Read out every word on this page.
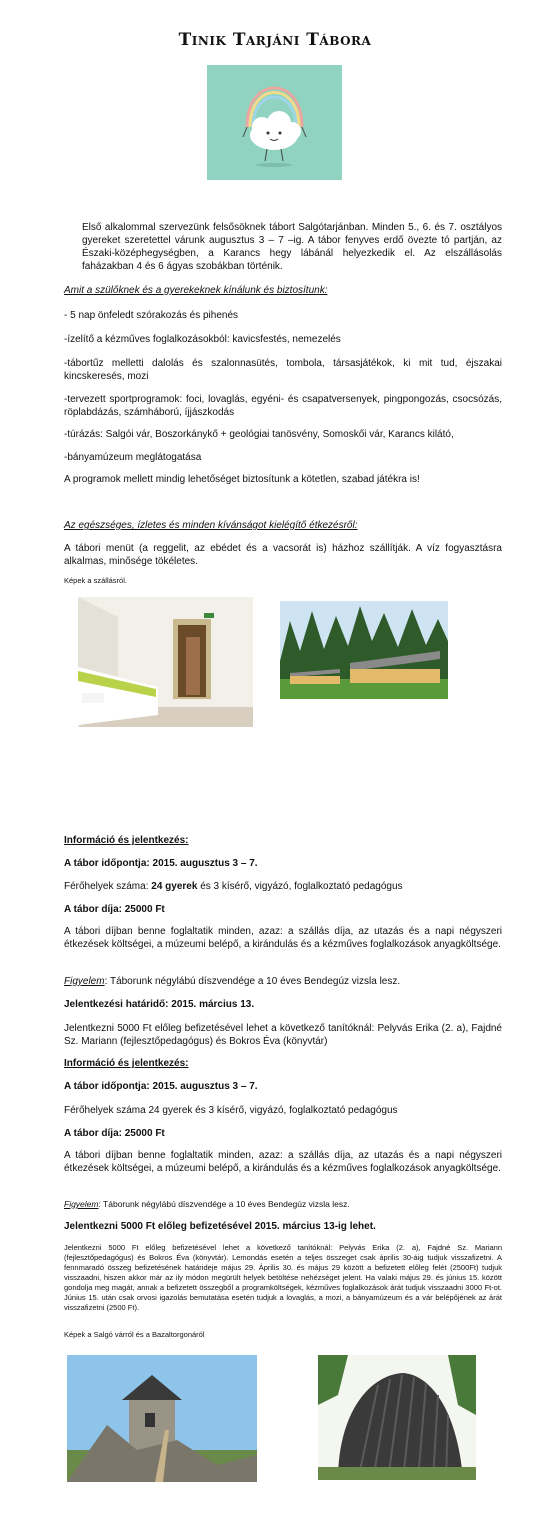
Tinik Tarjáni Tábora
Első alkalommal szervezünk felsősöknek tábort Salgótarjánban. Minden 5., 6. és 7. osztályos gyereket szeretettel várunk augusztus 3 – 7 –ig. A tábor fenyves erdő övezte tó partján, az Északi-középhegységben, a Karancs hegy lábánál helyezkedik el. Az elszállásolás faházakban 4 és 6 ágyas szobákban történik.
Amit a szülőknek és a gyerekeknek kínálunk és biztosítunk:
- 5 nap önfeledt szórakozás és pihenés
-ízelítő a kézműves foglalkozásokból: kavicsfestés, nemezelés
-tábortűz melletti dalolás és szalonnasütés, tombola, társasjátékok, ki mit tud, éjszakai kincskeresés, mozi
-tervezett sportprogramok: foci, lovaglás, egyéni- és csapatversenyek, pingpongozás, csocsózás, röplabdázás, számháború, íjjászkodás
-túrázás: Salgói vár, Boszorkánykő + geológiai tanösvény, Somoskői vár, Karancs kilátó,
-bányamúzeum meglátogatása
A programok mellett mindig lehetőséget biztosítunk a kötetlen, szabad játékra is!
Az egészséges, ízletes és minden kívánságot kielégítő étkezésről:
A tábori menüt (a reggelit, az ebédet és a vacsorát is) házhoz szállítják. A víz fogyasztásra alkalmas, minősége tökéletes.
Képek a szállásról.
Információ és jelentkezés:
A tábor időpontja: 2015. augusztus 3 – 7.
Férőhelyek száma: 24 gyerek és 3 kísérő, vigyázó, foglalkoztató pedagógus
A tábor díja: 25000 Ft
A tábori díjban benne foglaltatik minden, azaz: a szállás díja, az utazás és a napi négyszeri étkezések költségei, a múzeumi belépő, a kirándulás és a kézműves foglalkozások anyagköltsége.
Figyelem: Táborunk négylábú díszvendége a 10 éves Bendegúz vizsla lesz.
Jelentkezési határidő: 2015. március 13.
Jelentkezni 5000 Ft előleg befizetésével lehet a következő tanítóknál: Pelyvás Erika (2. a), Fajdné Sz. Mariann (fejlesztőpedagógus) és Bokros Éva (könyvtár)
Információ és jelentkezés:
A tábor időpontja: 2015. augusztus 3 – 7.
Férőhelyek száma 24 gyerek és 3 kísérő, vigyázó, foglalkoztató pedagógus
A tábor díja: 25000 Ft
A tábori díjban benne foglaltatik minden, azaz: a szállás díja, az utazás és a napi négyszeri étkezések költségei, a múzeumi belépő, a kirándulás és a kézműves foglalkozások anyagköltsége.
Figyelem: Táborunk négylábú díszvendége a 10 éves Bendegúz vizsla lesz.
Jelentkezni 5000 Ft előleg befizetésével 2015. március 13-ig lehet.
Jelentkezni 5000 Ft előleg befizetésével lehet a következő tanítóknál: Pelyvás Erika (2. a), Fajdné Sz. Mariann (fejlesztőpedagógus) és Bokros Éva (könyvtár). Lemondás esetén a teljes összeget csak április 30-áig tudjuk visszafizetni. A fennmaradó összeg befizetésének határideje május 29. Április 30. és május 29 között a befizetett előleg felét (2500Ft) tudjuk visszaadni, hiszen akkor már az ily módon megürült helyek betöltése nehézséget jelent. Ha valaki május 29. és június 15. között gondolja meg magát, annak a befizetett összegből a programköltségek, kézműves foglalkozások árát tudjuk visszaadni 3000 Ft-ot. Június 15. után csak orvosi igazolás bemutatása esetén tudjuk a lovaglás, a mozi, a bányamúzeum és a vár belépőjének az árát visszafizetni (2500 Ft).
Képek a Salgó várról és a Bazaltorgonáról
